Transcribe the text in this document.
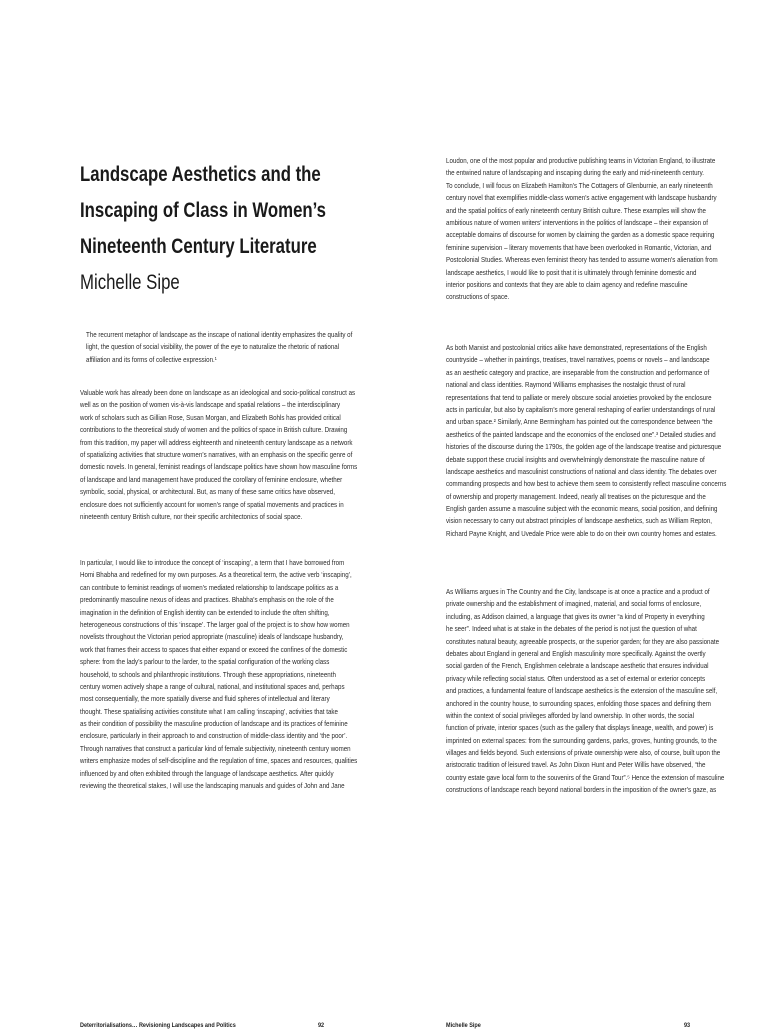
Landscape Aesthetics and the
Inscaping of Class in Women’s
Nineteenth Century Literature
Michelle Sipe
The recurrent metaphor of landscape as the inscape of national identity emphasizes the quality of
light, the question of social visibility, the power of the eye to naturalize the rhetoric of national
affiliation and its forms of collective expression.¹
Valuable work has already been done on landscape as an ideological and socio-political construct as
well as on the position of women vis-à-vis landscape and spatial relations – the interdisciplinary
work of scholars such as Gillian Rose, Susan Morgan, and Elizabeth Bohls has provided critical
contributions to the theoretical study of women and the politics of space in British culture. Drawing
from this tradition, my paper will address eighteenth and nineteenth century landscape as a network
of spatializing activities that structure women’s narratives, with an emphasis on the specific genre of
domestic novels. In general, feminist readings of landscape politics have shown how masculine forms
of landscape and land management have produced the corollary of feminine enclosure, whether
symbolic, social, physical, or architectural. But, as many of these same critics have observed,
enclosure does not sufficiently account for women’s range of spatial movements and practices in
nineteenth century British culture, nor their specific architectonics of social space.
In particular, I would like to introduce the concept of ‘inscaping’, a term that I have borrowed from
Homi Bhabha and redefined for my own purposes. As a theoretical term, the active verb ‘inscaping’,
can contribute to feminist readings of women’s mediated relationship to landscape politics as a
predominantly masculine nexus of ideas and practices. Bhabha’s emphasis on the role of the
imagination in the definition of English identity can be extended to include the often shifting,
heterogeneous constructions of this ‘inscape’. The larger goal of the project is to show how women
novelists throughout the Victorian period appropriate (masculine) ideals of landscape husbandry,
work that frames their access to spaces that either expand or exceed the confines of the domestic
sphere: from the lady’s parlour to the larder, to the spatial configuration of the working class
household, to schools and philanthropic institutions. Through these appropriations, nineteenth
century women actively shape a range of cultural, national, and institutional spaces and, perhaps
most consequentially, the more spatially diverse and fluid spheres of intellectual and literary
thought. These spatialising activities constitute what I am calling ‘inscaping’, activities that take
as their condition of possibility the masculine production of landscape and its practices of feminine
enclosure, particularly in their approach to and construction of middle-class identity and ‘the poor’.
Through narratives that construct a particular kind of female subjectivity, nineteenth century women
writers emphasize modes of self-discipline and the regulation of time, spaces and resources, qualities
influenced by and often exhibited through the language of landscape aesthetics. After quickly
reviewing the theoretical stakes, I will use the landscaping manuals and guides of John and Jane
Deterritorialisations… Revisioning Landscapes and Politics	92
Loudon, one of the most popular and productive publishing teams in Victorian England, to illustrate
the entwined nature of landscaping and inscaping during the early and mid-nineteenth century.
To conclude, I will focus on Elizabeth Hamilton’s The Cottagers of Glenburnie, an early nineteenth
century novel that exemplifies middle-class women’s active engagement with landscape husbandry
and the spatial politics of early nineteenth century British culture. These examples will show the
ambitious nature of women writers’ interventions in the politics of landscape – their expansion of
acceptable domains of discourse for women by claiming the garden as a domestic space requiring
feminine supervision – literary movements that have been overlooked in Romantic, Victorian, and
Postcolonial Studies. Whereas even feminist theory has tended to assume women’s alienation from
landscape aesthetics, I would like to posit that it is ultimately through feminine domestic and
interior positions and contexts that they are able to claim agency and redefine masculine
constructions of space.
As both Marxist and postcolonial critics alike have demonstrated, representations of the English
countryside – whether in paintings, treatises, travel narratives, poems or novels – and landscape
as an aesthetic category and practice, are inseparable from the construction and performance of
national and class identities. Raymond Williams emphasises the nostalgic thrust of rural
representations that tend to palliate or merely obscure social anxieties provoked by the enclosure
acts in particular, but also by capitalism’s more general reshaping of earlier understandings of rural
and urban space.² Similarly, Anne Bermingham has pointed out the correspondence between “the
aesthetics of the painted landscape and the economics of the enclosed one”.³ Detailed studies and
histories of the discourse during the 1790s, the golden age of the landscape treatise and picturesque
debate support these crucial insights and overwhelmingly demonstrate the masculine nature of
landscape aesthetics and masculinist constructions of national and class identity. The debates over
commanding prospects and how best to achieve them seem to consistently reflect masculine concerns
of ownership and property management. Indeed, nearly all treatises on the picturesque and the
English garden assume a masculine subject with the economic means, social position, and defining
vision necessary to carry out abstract principles of landscape aesthetics, such as William Repton,
Richard Payne Knight, and Uvedale Price were able to do on their own country homes and estates.
As Williams argues in The Country and the City, landscape is at once a practice and a product of
private ownership and the establishment of imagined, material, and social forms of enclosure,
including, as Addison claimed, a language that gives its owner “a kind of Property in everything
he seer”. Indeed what is at stake in the debates of the period is not just the question of what
constitutes natural beauty, agreeable prospects, or the superior garden; for they are also passionate
debates about England in general and English masculinity more specifically. Against the overtly
social garden of the French, Englishmen celebrate a landscape aesthetic that ensures individual
privacy while reflecting social status. Often understood as a set of external or exterior concepts
and practices, a fundamental feature of landscape aesthetics is the extension of the masculine self,
anchored in the country house, to surrounding spaces, enfolding those spaces and defining them
within the context of social privileges afforded by land ownership. In other words, the social
function of private, interior spaces (such as the gallery that displays lineage, wealth, and power) is
imprinted on external spaces: from the surrounding gardens, parks, groves, hunting grounds, to the
villages and fields beyond. Such extensions of private ownership were also, of course, built upon the
aristocratic tradition of leisured travel. As John Dixon Hunt and Peter Willis have observed, “the
country estate gave local form to the souvenirs of the Grand Tour”.⁵ Hence the extension of masculine
constructions of landscape reach beyond national borders in the imposition of the owner’s gaze, as
Michelle Sipe	93
